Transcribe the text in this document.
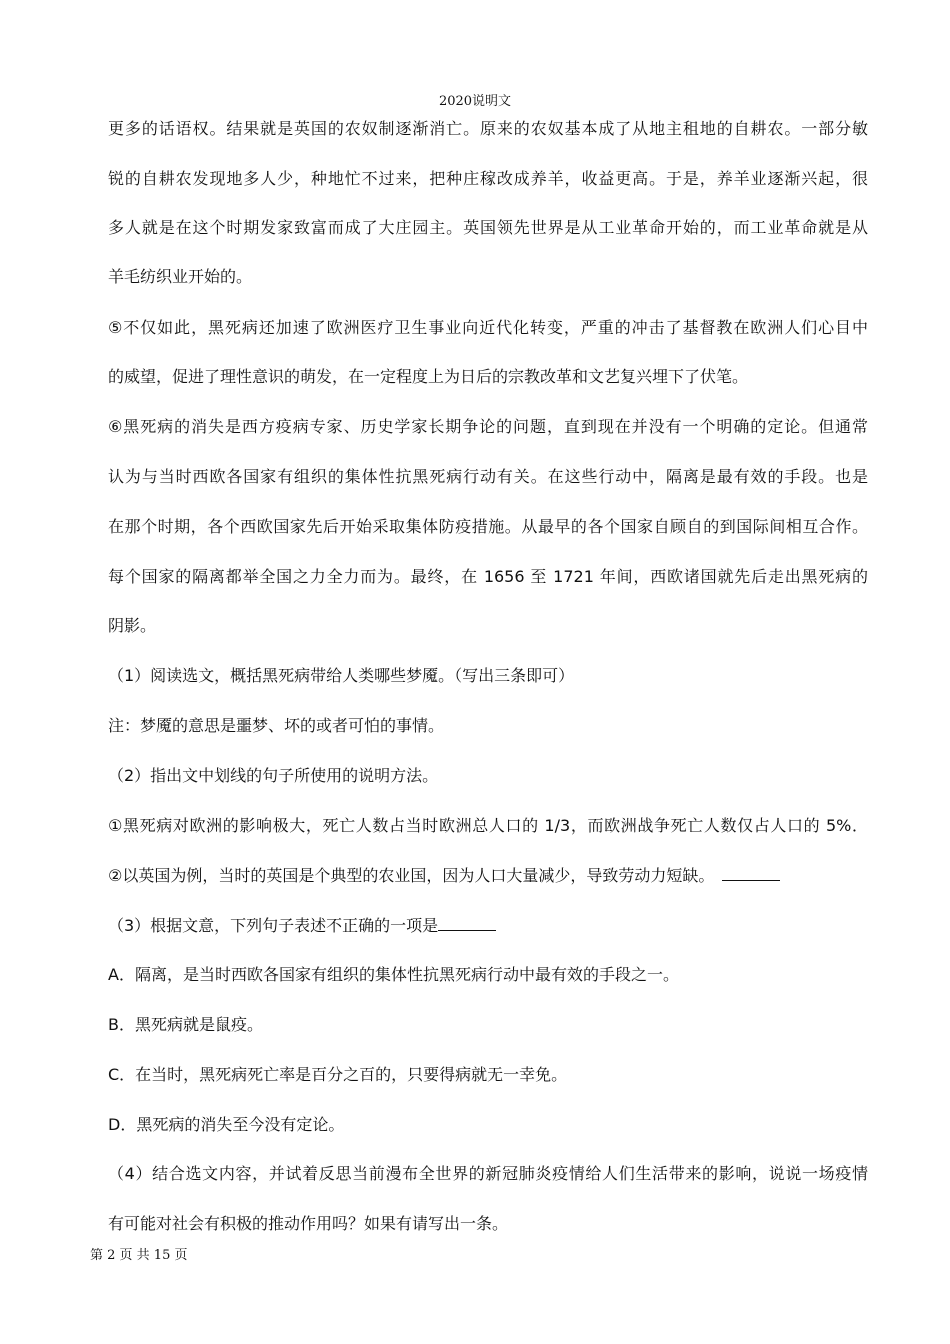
2020说明文
更多的话语权。结果就是英国的农奴制逐渐消亡。原来的农奴基本成了从地主租地的自耕农。一部分敏
锐的自耕农发现地多人少，种地忙不过来，把种庄稼改成养羊，收益更高。于是，养羊业逐渐兴起，很
多人就是在这个时期发家致富而成了大庄园主。英国领先世界是从工业革命开始的，而工业革命就是从
羊毛纺织业开始的。
⑤不仅如此，黑死病还加速了欧洲医疗卫生事业向近代化转变，严重的冲击了基督教在欧洲人们心目中
的威望，促进了理性意识的萌发，在一定程度上为日后的宗教改革和文艺复兴埋下了伏笔。
⑥黑死病的消失是西方疫病专家、历史学家长期争论的问题，直到现在并没有一个明确的定论。但通常
认为与当时西欧各国家有组织的集体性抗黑死病行动有关。在这些行动中，隔离是最有效的手段。也是
在那个时期，各个西欧国家先后开始采取集体防疫措施。从最早的各个国家自顾自的到国际间相互合作。
每个国家的隔离都举全国之力全力而为。最终，在 1656 至 1721 年间，西欧诸国就先后走出黑死病的
阴影。
（1）阅读选文，概括黑死病带给人类哪些梦魇。（写出三条即可）
注：梦魇的意思是噩梦、坏的或者可怕的事情。
（2）指出文中划线的句子所使用的说明方法。
①黑死病对欧洲的影响极大，死亡人数占当时欧洲总人口的 1/3，而欧洲战争死亡人数仅占人口的 5%．
②以英国为例，当时的英国是个典型的农业国，因为人口大量减少，导致劳动力短缺。
（3）根据文意，下列句子表述不正确的一项是
A．隔离，是当时西欧各国家有组织的集体性抗黑死病行动中最有效的手段之一。
B．黑死病就是鼠疫。
C．在当时，黑死病死亡率是百分之百的，只要得病就无一幸免。
D．黑死病的消失至今没有定论。
（4）结合选文内容，并试着反思当前漫布全世界的新冠肺炎疫情给人们生活带来的影响，说说一场疫情
有可能对社会有积极的推动作用吗？如果有请写出一条。
第 2 页 共 15 页
